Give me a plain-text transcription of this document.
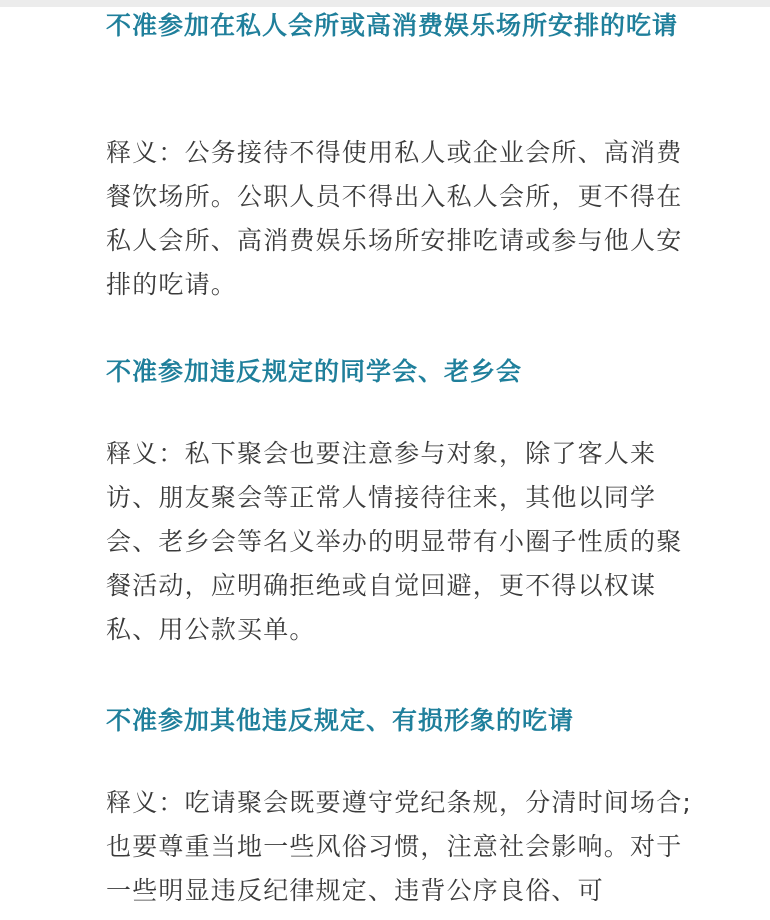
不准参加在私人会所或高消费娱乐场所安排的吃请

释义：公务接待不得使用私人或企业会所、高消费餐饮场所。公职人员不得出入私人会所，更不得在私人会所、高消费娱乐场所安排吃请或参与他人安排的吃请。

不准参加违反规定的同学会、老乡会

释义：私下聚会也要注意参与对象，除了客人来访、朋友聚会等正常人情接待往来，其他以同学会、老乡会等名义举办的明显带有小圈子性质的聚餐活动，应明确拒绝或自觉回避，更不得以权谋私、用公款买单。

不准参加其他违反规定、有损形象的吃请

释义：吃请聚会既要遵守党纪条规，分清时间场合;也要尊重当地一些风俗习惯，注意社会影响。对于一些明显违反纪律规定、违背公序良俗、可
